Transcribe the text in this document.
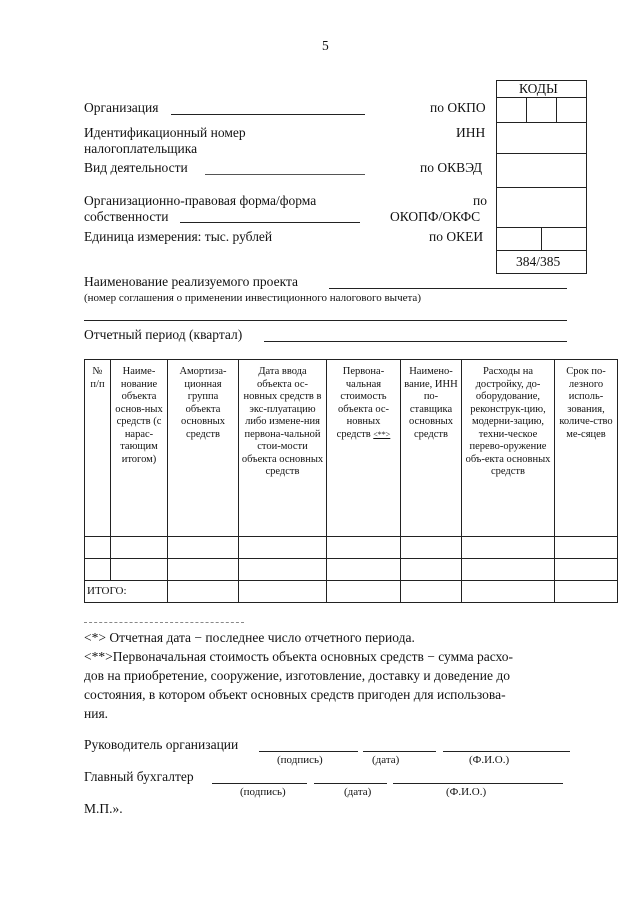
5
КОДЫ
384/385
Организация	по ОКПО
Идентификационный номер
налогоплательщика
ИНН
Вид деятельности	по ОКВЭД
Организационно-правовая форма/форма
собственности
по
ОКОПФ/ОКФС
Единица измерения: тыс. рублей	по ОКЕИ
Наименование реализуемого проекта
(номер соглашения о применении инвестиционного налогового вычета)
Отчетный период (квартал)
№ п/п	Наиме-нование объекта основ-ных средств (с нарас-тающим итогом)	Амортиза-ционная группа объекта основных средств	Дата ввода объекта ос-новных средств в экс-плуатацию либо измене-ния первона-чальной стои-мости объекта основных средств	Первона-чальная стоимость объекта ос-новных средств <**>	Наимено-вание, ИНН по-ставщика основных средств	Расходы на достройку, до-оборудование, реконструк-цию, модерни-зацию, техни-ческое перево-оружение объ-екта основных средств	Срок по-лезного исполь-зования, количе-ство ме-сяцев

ИТОГО:							
<*> Отчетная дата − последнее число отчетного периода.
<**>Первоначальная стоимость объекта основных средств − сумма расхо-
дов на приобретение, сооружение, изготовление, доставку и доведение до
состояния, в котором объект основных средств пригоден для использова-
ния.
Руководитель организации
(подпись)	(дата)	(Ф.И.О.)
Главный бухгалтер
(подпись)	(дата)	(Ф.И.О.)
М.П.».
